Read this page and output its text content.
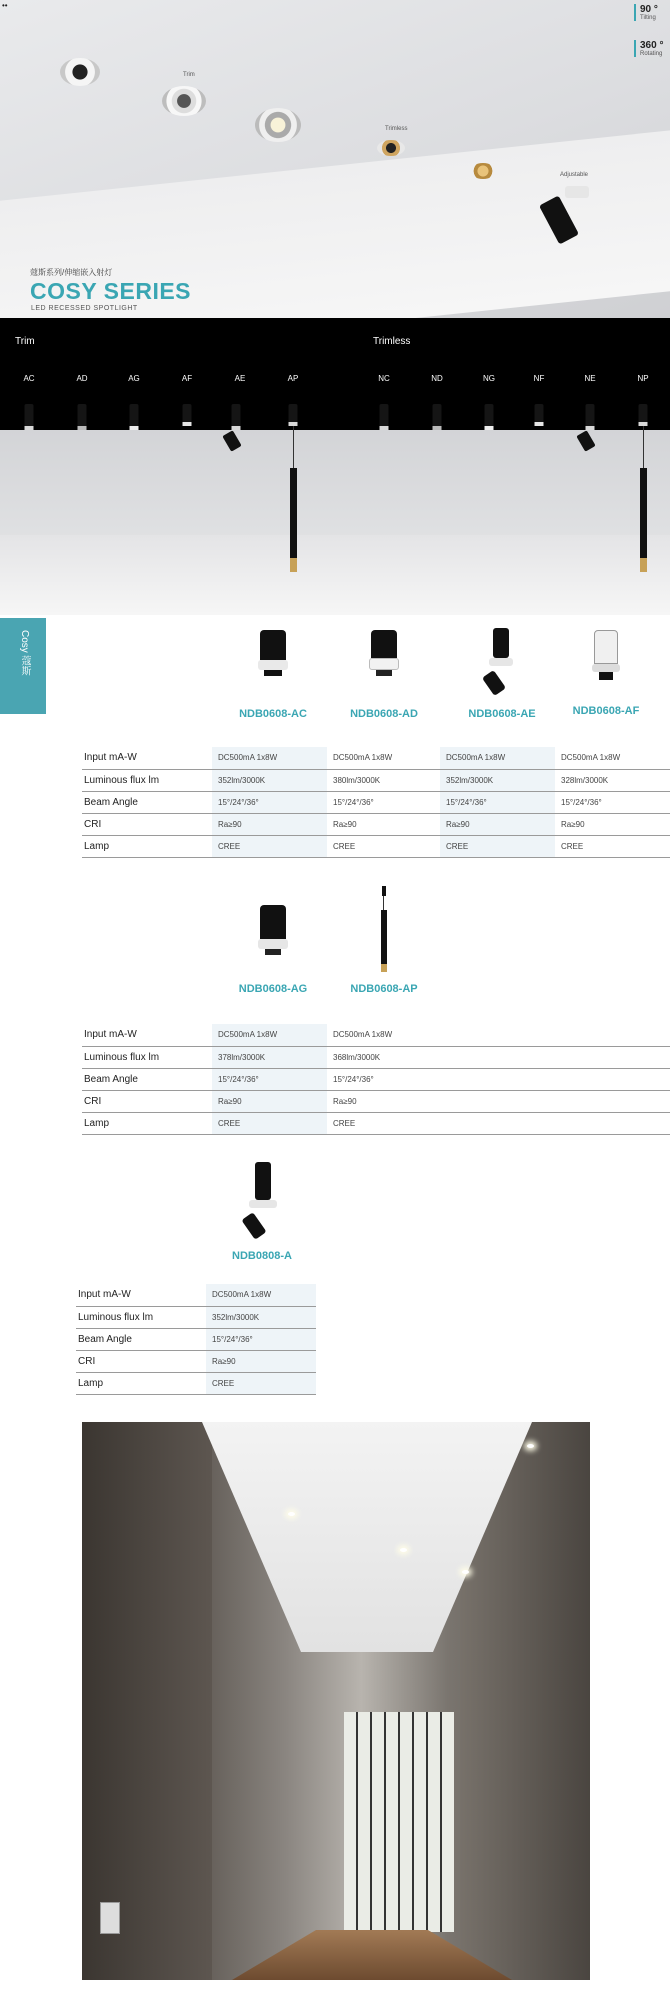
••	90 °
Tilting
360 °
Rotating
Trim
Trimless
Adjustable
蔻斯系列/伸缩嵌入射灯
COSY SERIES
LED RECESSED SPOTLIGHT
Trim	Trimless
AC	AD	AG	AF	AE	AP	NC	ND	NG	NF	NE	NP
Cosy 蔻斯
NDB0608-AC	NDB0608-AD	NDB0608-AE	NDB0608-AF
Input mA-W	DC500mA 1x8W	DC500mA 1x8W	DC500mA 1x8W	DC500mA 1x8W
Luminous flux lm	352lm/3000K	380lm/3000K	352lm/3000K	328lm/3000K
Beam Angle	15°/24°/36°	15°/24°/36°	15°/24°/36°	15°/24°/36°
CRI	Ra≥90	Ra≥90	Ra≥90	Ra≥90
Lamp	CREE	CREE	CREE	CREE
NDB0608-AG	NDB0608-AP
Input mA-W	DC500mA 1x8W	DC500mA 1x8W
Luminous flux lm	378lm/3000K	368lm/3000K
Beam Angle	15°/24°/36°	15°/24°/36°
CRI	Ra≥90	Ra≥90
Lamp	CREE	CREE
NDB0808-A
Input mA-W	DC500mA 1x8W
Luminous flux lm	352lm/3000K
Beam Angle	15°/24°/36°
CRI	Ra≥90
Lamp	CREE
